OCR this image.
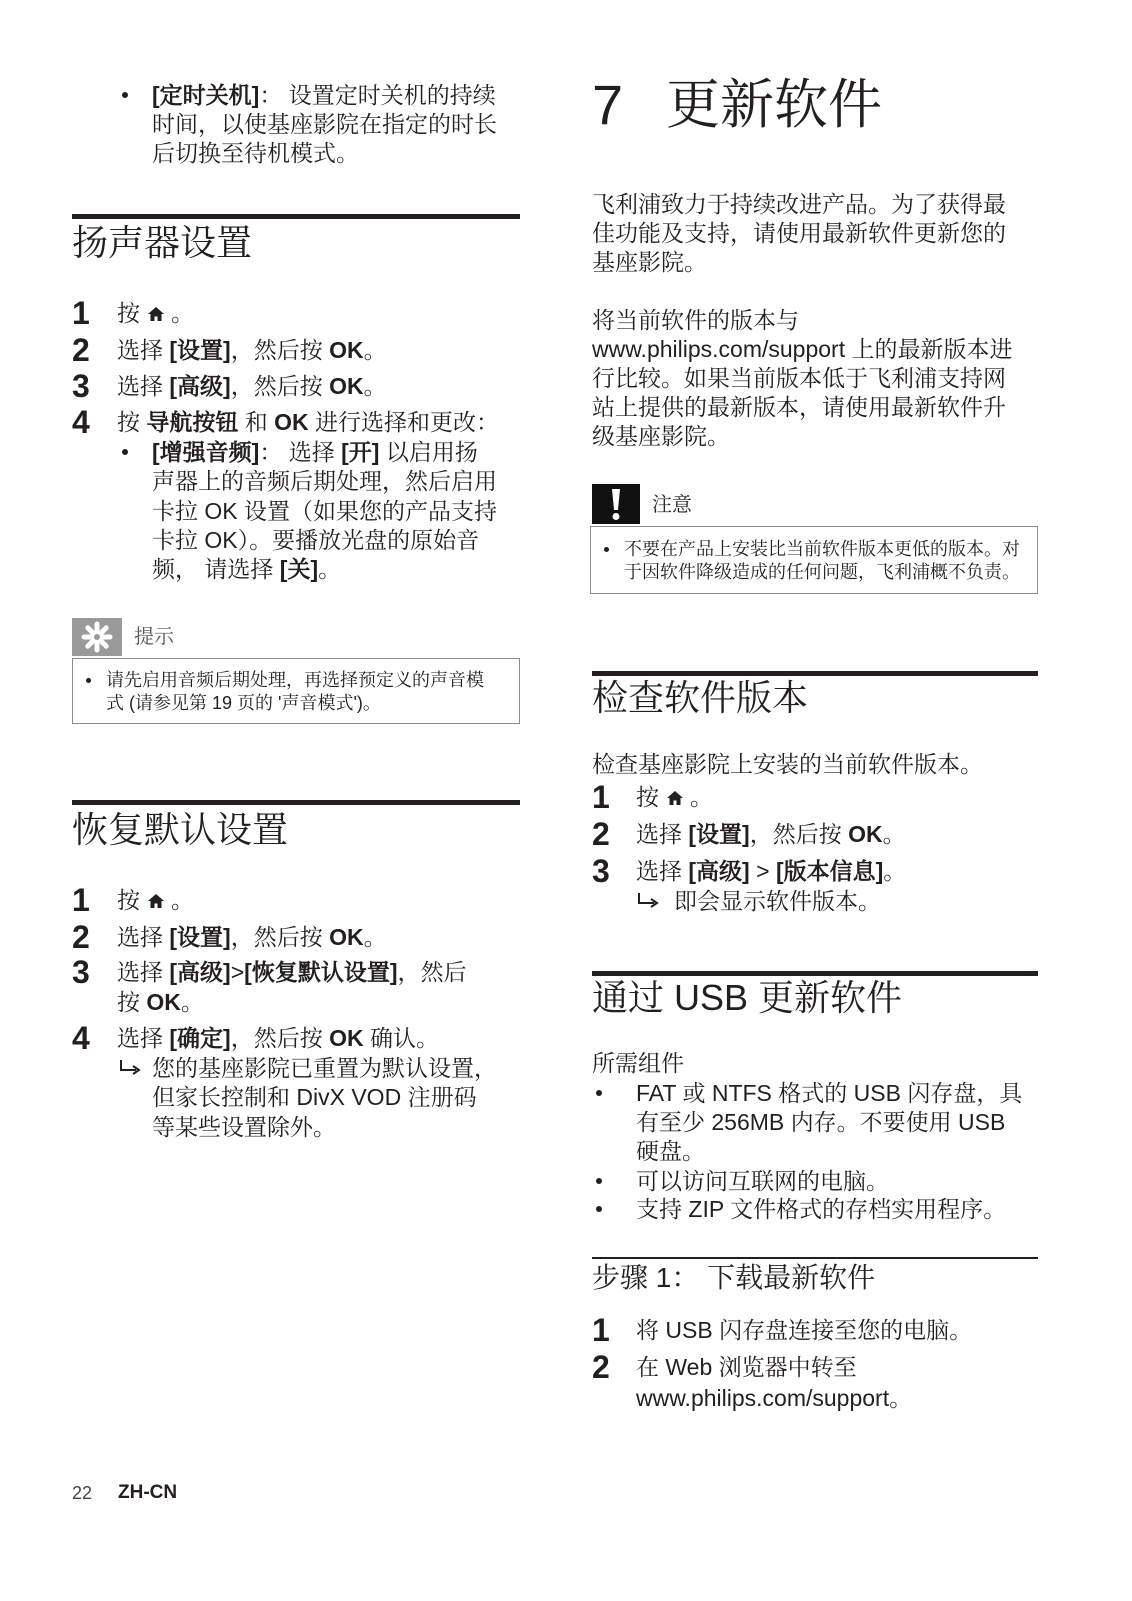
[定时关机]： 设置定时关机的持续
时间，以使基座影院在指定的时长
后切换至待机模式。
扬声器设置
1 按 。
2 选择 [设置]，然后按 OK。
3 选择 [高级]，然后按 OK。
4 按 导航按钮 和 OK 进行选择和更改：
[增强音频]： 选择 [开] 以启用扬
声器上的音频后期处理，然后启用
卡拉 OK 设置（如果您的产品支持
卡拉 OK）。要播放光盘的原始音
频， 请选择 [关]。
提示
请先启用音频后期处理，再选择预定义的声音模
式 (请参见第 19 页的 '声音模式')。
恢复默认设置
1 按 。
2 选择 [设置]，然后按 OK。
3 选择 [高级]>[恢复默认设置]，然后
按 OK。
4 选择 [确定]，然后按 OK 确认。
您的基座影院已重置为默认设置，
但家长控制和 DivX VOD 注册码
等某些设置除外。
22 ZH-CN
7 更新软件
飞利浦致力于持续改进产品。为了获得最
佳功能及支持，请使用最新软件更新您的
基座影院。
将当前软件的版本与
www.philips.com/support 上的最新版本进
行比较。如果当前版本低于飞利浦支持网
站上提供的最新版本，请使用最新软件升
级基座影院。
注意
不要在产品上安装比当前软件版本更低的版本。对
于因软件降级造成的任何问题，飞利浦概不负责。
检查软件版本
检查基座影院上安装的当前软件版本。
1 按 。
2 选择 [设置]，然后按 OK。
3 选择 [高级] > [版本信息]。
即会显示软件版本。
通过 USB 更新软件
所需组件
FAT 或 NTFS 格式的 USB 闪存盘，具
有至少 256MB 内存。不要使用 USB
硬盘。
可以访问互联网的电脑。
支持 ZIP 文件格式的存档实用程序。
步骤 1： 下载最新软件
1 将 USB 闪存盘连接至您的电脑。
2 在 Web 浏览器中转至
www.philips.com/support。
